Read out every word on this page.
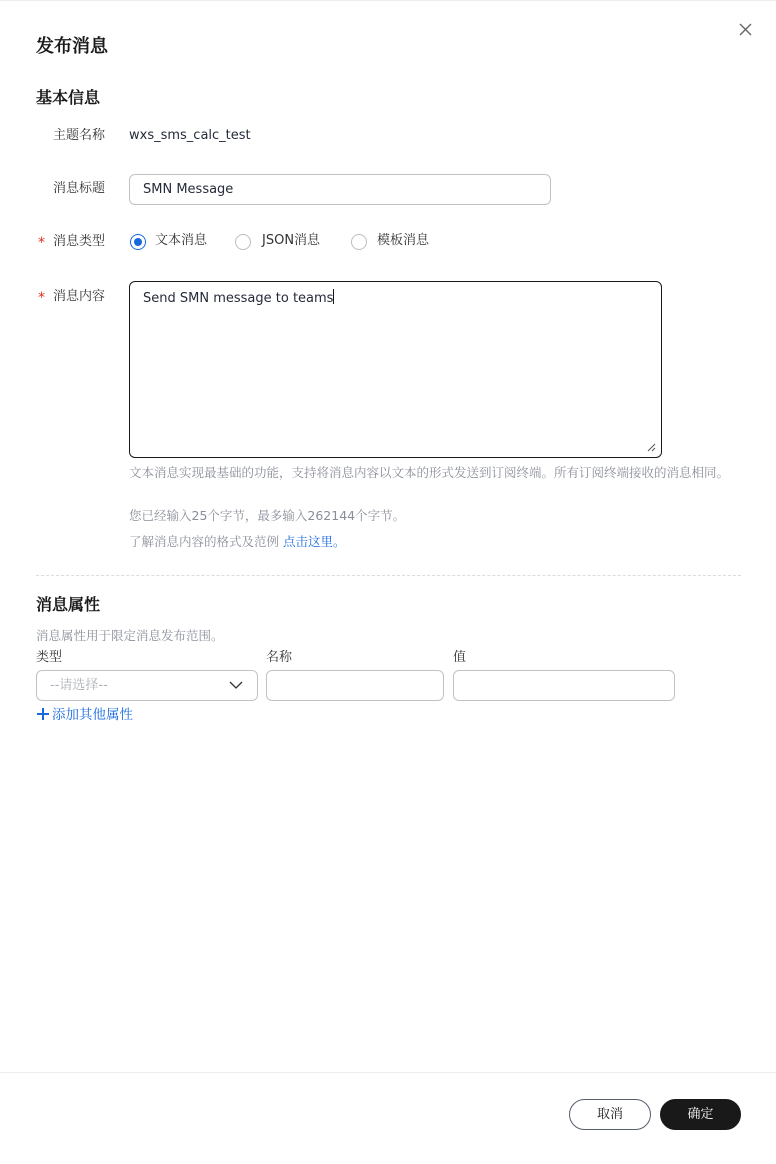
发布消息
基本信息
主题名称 wxs_sms_calc_test
消息标题	SMN Message
* 消息类型	文本消息	JSON消息	模板消息
* 消息内容	Send SMN message to teams
文本消息实现最基础的功能，支持将消息内容以文本的形式发送到订阅终端。所有订阅终端接收的消息相同。
您已经输入25个字节，最多输入262144个字节。
了解消息内容的格式及范例 点击这里。
消息属性
消息属性用于限定消息发布范围。
类型	名称	值
--请选择--
添加其他属性
取消	确定
